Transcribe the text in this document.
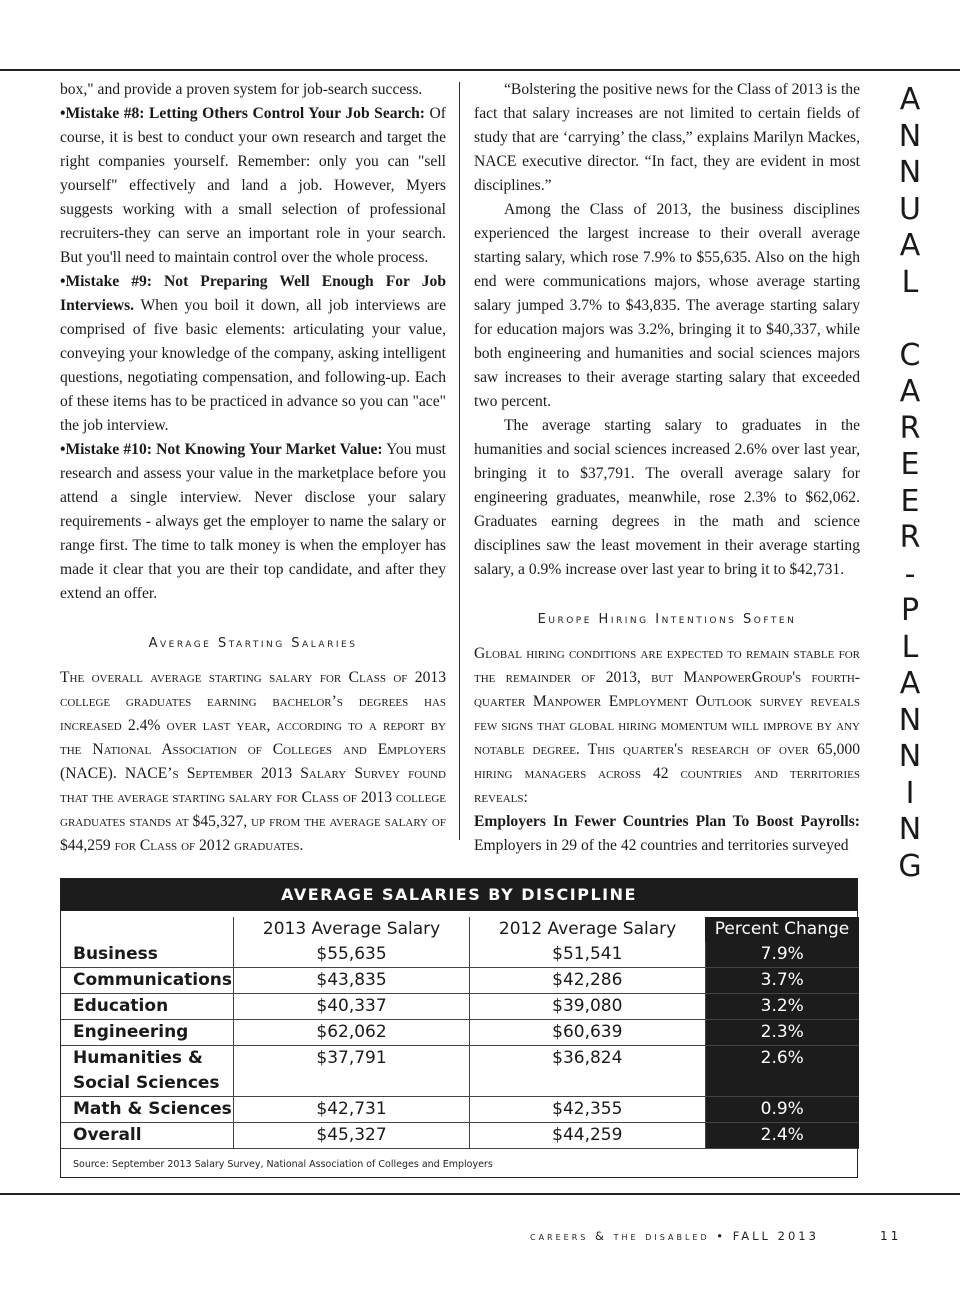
box," and provide a proven system for job-search success.

•Mistake #8: Letting Others Control Your Job Search: Of course, it is best to conduct your own research and target the right companies yourself. Remember: only you can "sell yourself" effectively and land a job. However, Myers suggests working with a small selection of professional recruiters-they can serve an important role in your search. But you'll need to maintain control over the whole process.

•Mistake #9: Not Preparing Well Enough For Job Interviews. When you boil it down, all job interviews are comprised of five basic elements: articulating your value, conveying your knowledge of the company, asking intelligent questions, negotiating compensation, and following-up. Each of these items has to be practiced in advance so you can "ace" the job interview.

•Mistake #10: Not Knowing Your Market Value: You must research and assess your value in the marketplace before you attend a single interview. Never disclose your salary requirements - always get the employer to name the salary or range first. The time to talk money is when the employer has made it clear that you are their top candidate, and after they extend an offer.

Average Starting Salaries

The overall average starting salary for Class of 2013 college graduates earning bachelor’s degrees has increased 2.4% over last year, according to a report by the National Association of Colleges and Employers (NACE). NACE’s September 2013 Salary Survey found that the average starting salary for Class of 2013 college graduates stands at $45,327, up from the average salary of $44,259 for Class of 2012 graduates.

“Bolstering the positive news for the Class of 2013 is the fact that salary increases are not limited to certain fields of study that are ‘carrying’ the class,” explains Marilyn Mackes, NACE executive director. “In fact, they are evident in most disciplines.”

Among the Class of 2013, the business disciplines experienced the largest increase to their overall average starting salary, which rose 7.9% to $55,635. Also on the high end were communications majors, whose average starting salary jumped 3.7% to $43,835. The average starting salary for education majors was 3.2%, bringing it to $40,337, while both engineering and humanities and social sciences majors saw increases to their average starting salary that exceeded two percent.

The average starting salary to graduates in the humanities and social sciences increased 2.6% over last year, bringing it to $37,791. The overall average salary for engineering graduates, meanwhile, rose 2.3% to $62,062. Graduates earning degrees in the math and science disciplines saw the least movement in their average starting salary, a 0.9% increase over last year to bring it to $42,731.

Europe Hiring Intentions Soften

Global hiring conditions are expected to remain stable for the remainder of 2013, but ManpowerGroup's fourth-quarter Manpower Employment Outlook survey reveals few signs that global hiring momentum will improve by any notable degree. This quarter's research of over 65,000 hiring managers across 42 countries and territories reveals:

Employers In Fewer Countries Plan To Boost Payrolls: Employers in 29 of the 42 countries and territories surveyed

A
N
N
U
A
L

C
A
R
E
E
R
-
P
L
A
N
N
I
N
G
AVERAGE SALARIES BY DISCIPLINE
	2013 Average Salary	2012 Average Salary	Percent Change
Business	$55,635	$51,541	7.9%
Communications	$43,835	$42,286	3.7%
Education	$40,337	$39,080	3.2%
Engineering	$62,062	$60,639	2.3%
Humanities &	$37,791	$36,824	2.6%
Social Sciences			
Math & Sciences	$42,731	$42,355	0.9%
Overall	$45,327	$44,259	2.4%
Source: September 2013 Salary Survey, National Association of Colleges and Employers
careers & the disabled • FALL 2013	11
